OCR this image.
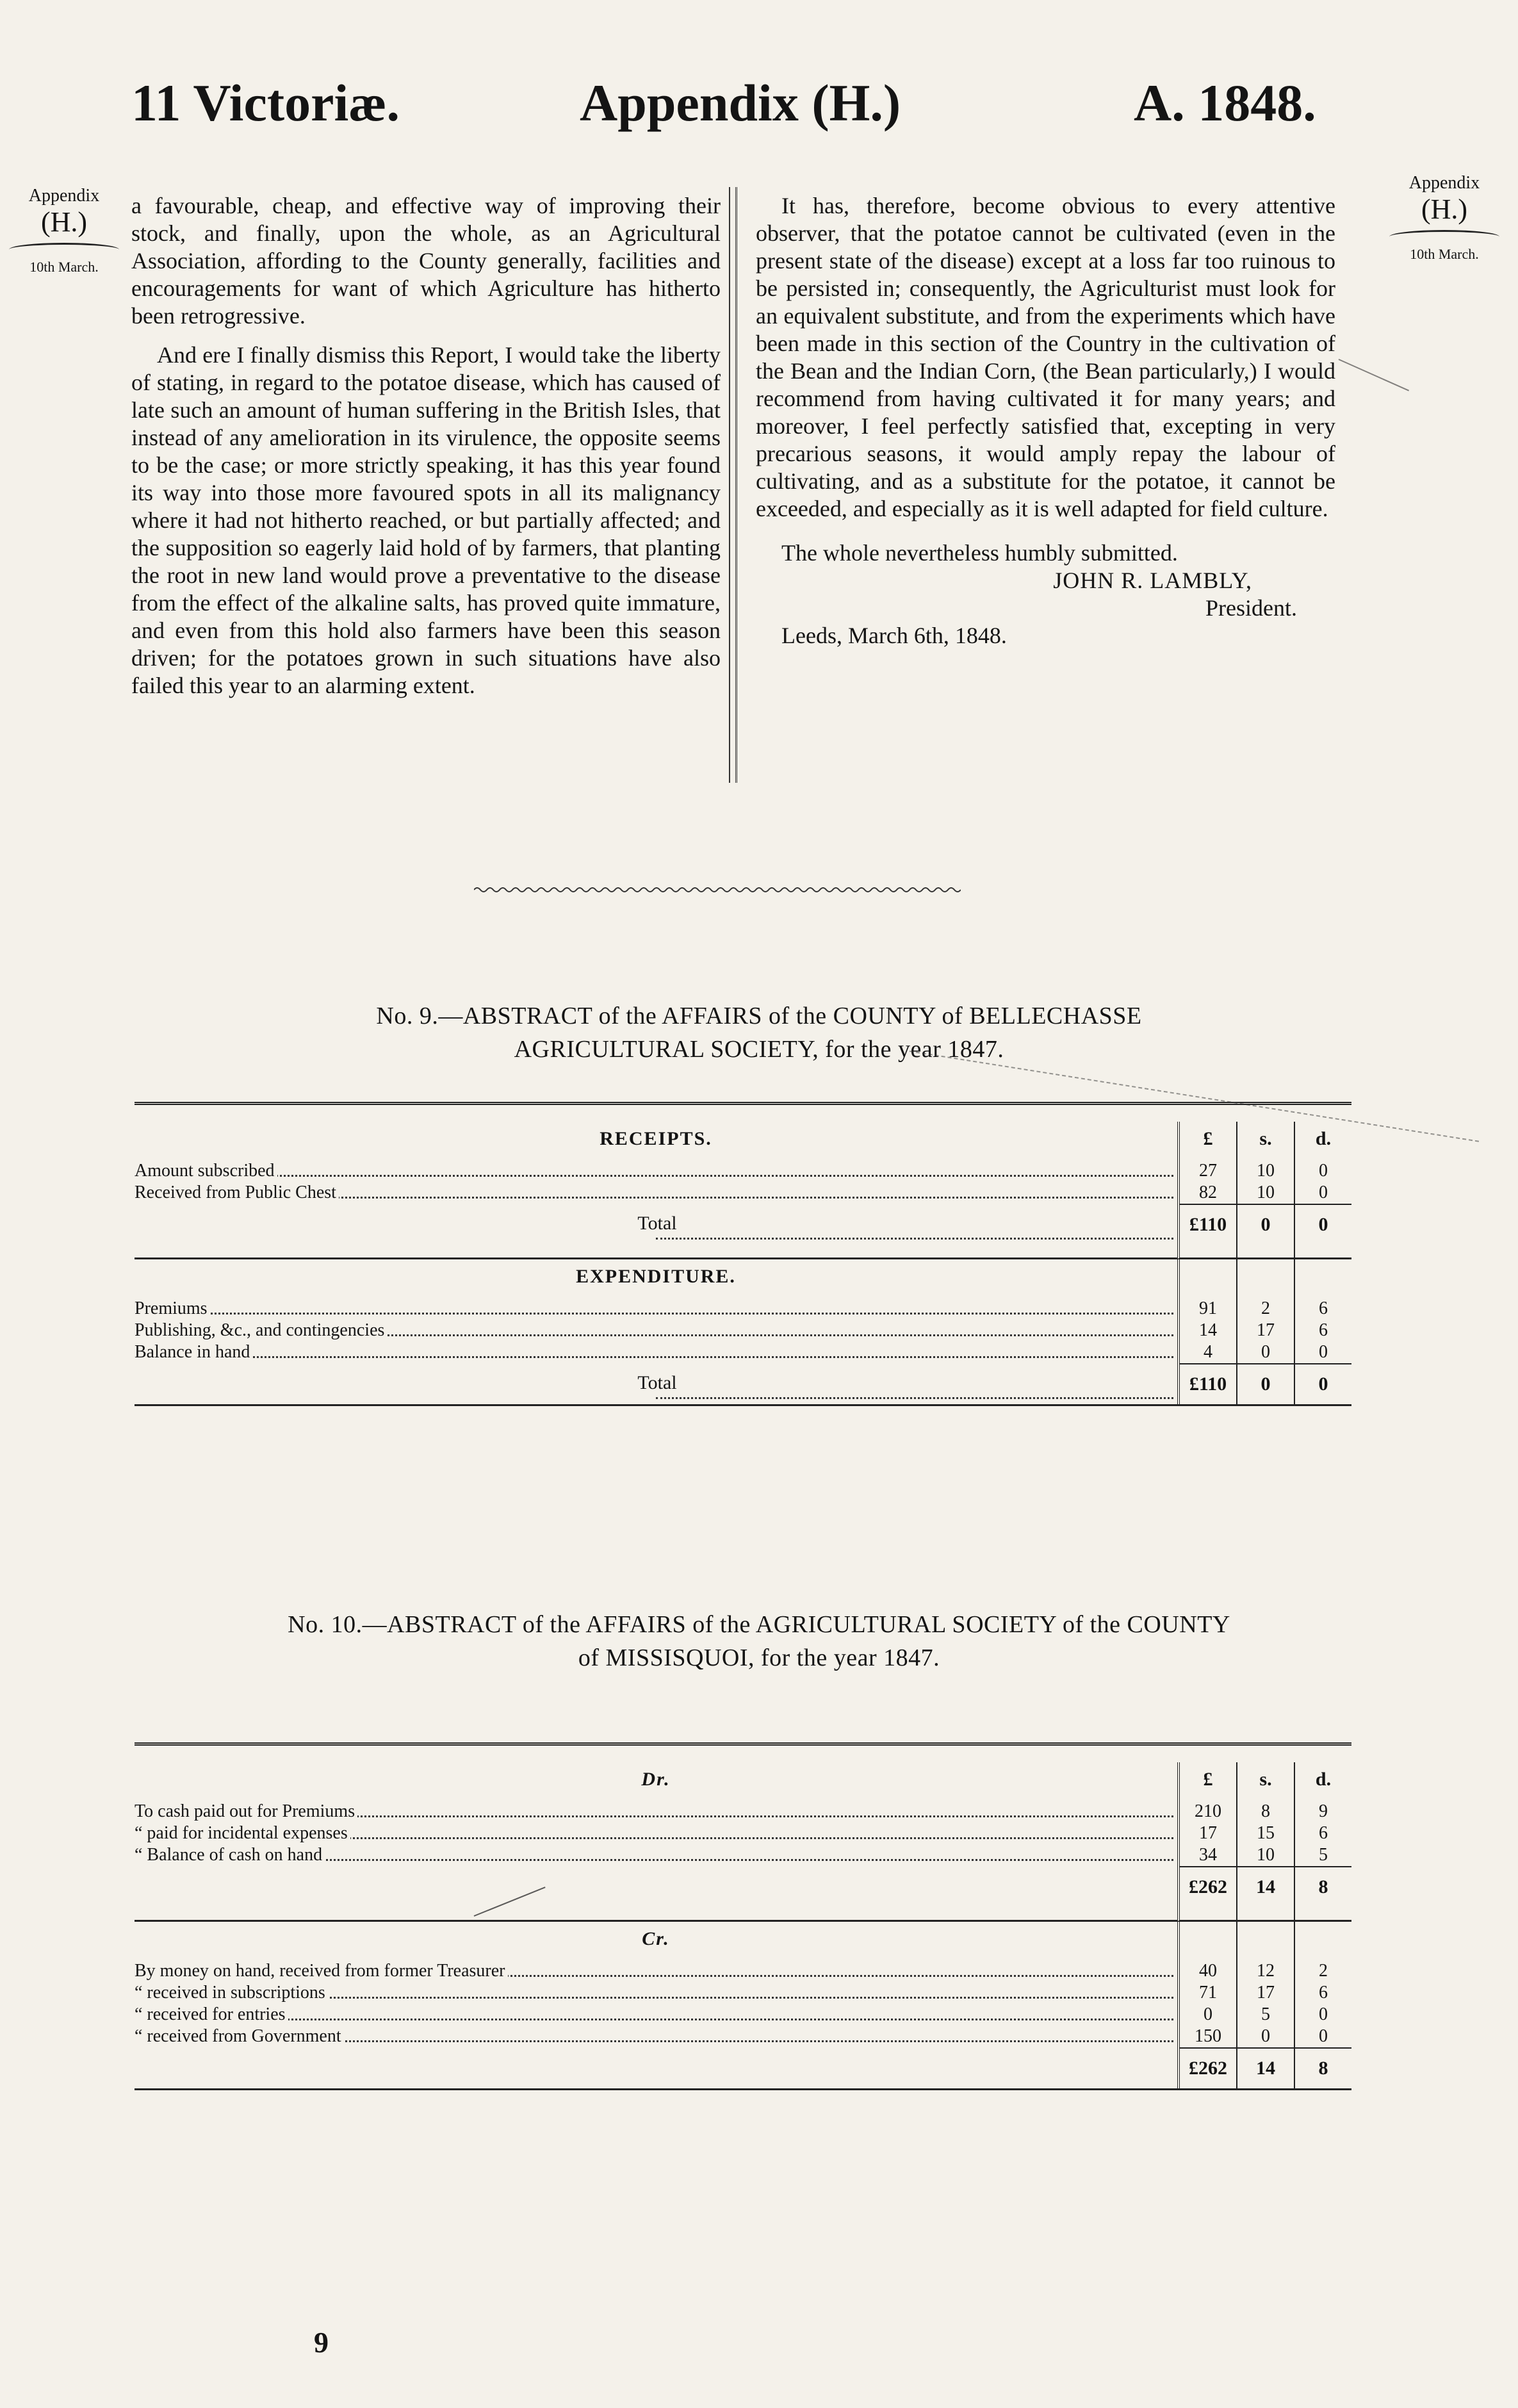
11 Victoriæ.	Appendix (H.)	A. 1848.
Appendix
(H.)
10th March.
Appendix
(H.)
10th March.

a favourable, cheap, and effective way of improving their stock, and finally, upon the whole, as an Agricultural Association, affording to the County generally, facilities and encouragements for want of which Agriculture has hitherto been retrogressive.

And ere I finally dismiss this Report, I would take the liberty of stating, in regard to the potatoe disease, which has caused of late such an amount of human suffering in the British Isles, that instead of any amelioration in its virulence, the opposite seems to be the case; or more strictly speaking, it has this year found its way into those more favoured spots in all its malignancy where it had not hitherto reached, or but partially affected; and the supposition so eagerly laid hold of by farmers, that planting the root in new land would prove a preventative to the disease from the effect of the alkaline salts, has proved quite immature, and even from this hold also farmers have been this season driven; for the potatoes grown in such situations have also failed this year to an alarming extent.

It has, therefore, become obvious to every attentive observer, that the potatoe cannot be cultivated (even in the present state of the disease) except at a loss far too ruinous to be persisted in; consequently, the Agriculturist must look for an equivalent substitute, and from the experiments which have been made in this section of the Country in the cultivation of the Bean and the Indian Corn, (the Bean particularly,) I would recommend from having cultivated it for many years; and moreover, I feel perfectly satisfied that, excepting in very precarious seasons, it would amply repay the labour of cultivating, and as a substitute for the potatoe, it cannot be exceeded, and especially as it is well adapted for field culture.

The whole nevertheless humbly submitted.

JOHN R. LAMBLY,

President.

Leeds, March 6th, 1848.

No. 9.—ABSTRACT of the AFFAIRS of the COUNTY of BELLECHASSE
AGRICULTURAL SOCIETY, for the year 1847.
RECEIPTS.	£	s.	d.
Amount subscribed	27	10	0
Received from Public Chest	82	10	0
Total	£110	0	0
EXPENDITURE.
Premiums	91	2	6
Publishing, &c., and contingencies	14	17	6
Balance in hand	4	0	0
Total	£110	0	0
No. 10.—ABSTRACT of the AFFAIRS of the AGRICULTURAL SOCIETY of the COUNTY
of MISSISQUOI, for the year 1847.
Dr.	£	s.	d.
To cash paid out for Premiums	210	8	9
“ paid for incidental expenses	17	15	6
“ Balance of cash on hand	34	10	5
£262	14	8
Cr.
By money on hand, received from former Treasurer	40	12	2
“ received in subscriptions	71	17	6
“ received for entries	0	5	0
“ received from Government	150	0	0
£262	14	8
9
